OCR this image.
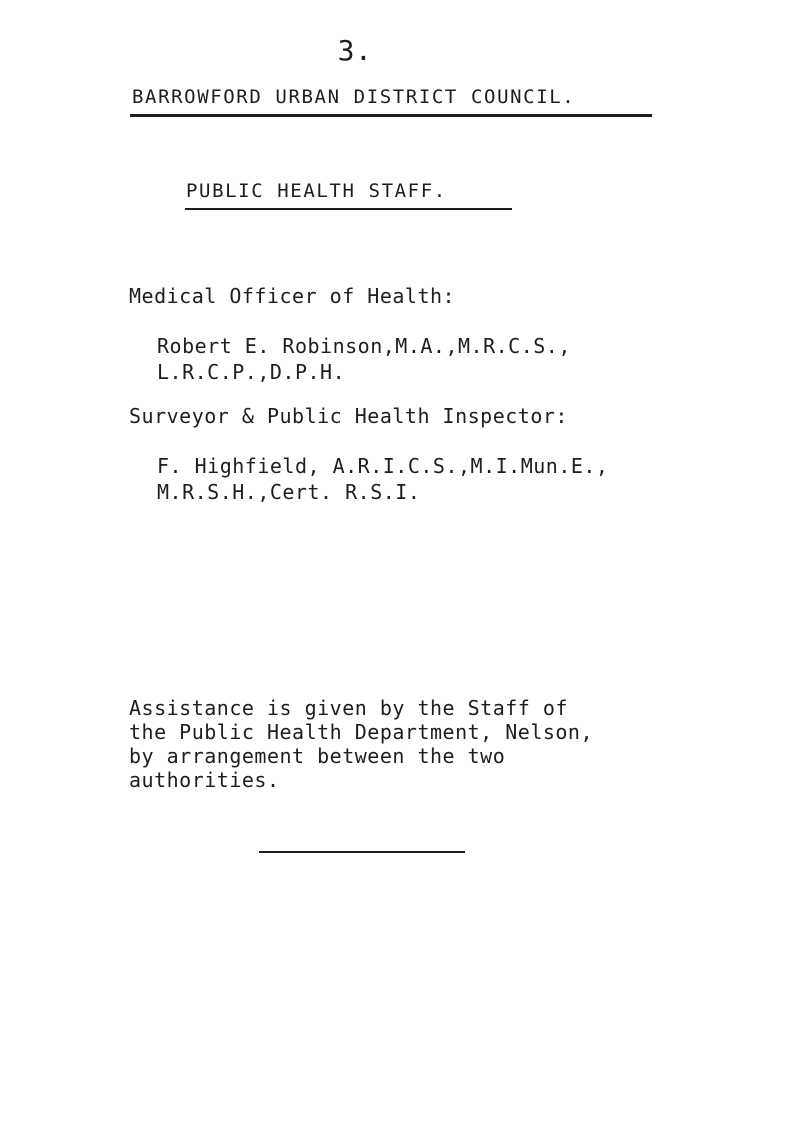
3.
BARROWFORD URBAN DISTRICT COUNCIL.
PUBLIC HEALTH STAFF.
Medical Officer of Health:
Robert E. Robinson,M.A.,M.R.C.S.,
L.R.C.P.,D.P.H.
Surveyor & Public Health Inspector:
F. Highfield, A.R.I.C.S.,M.I.Mun.E.,
M.R.S.H.,Cert. R.S.I.
Assistance is given by the Staff of
the Public Health Department, Nelson,
by arrangement between the two
authorities.
